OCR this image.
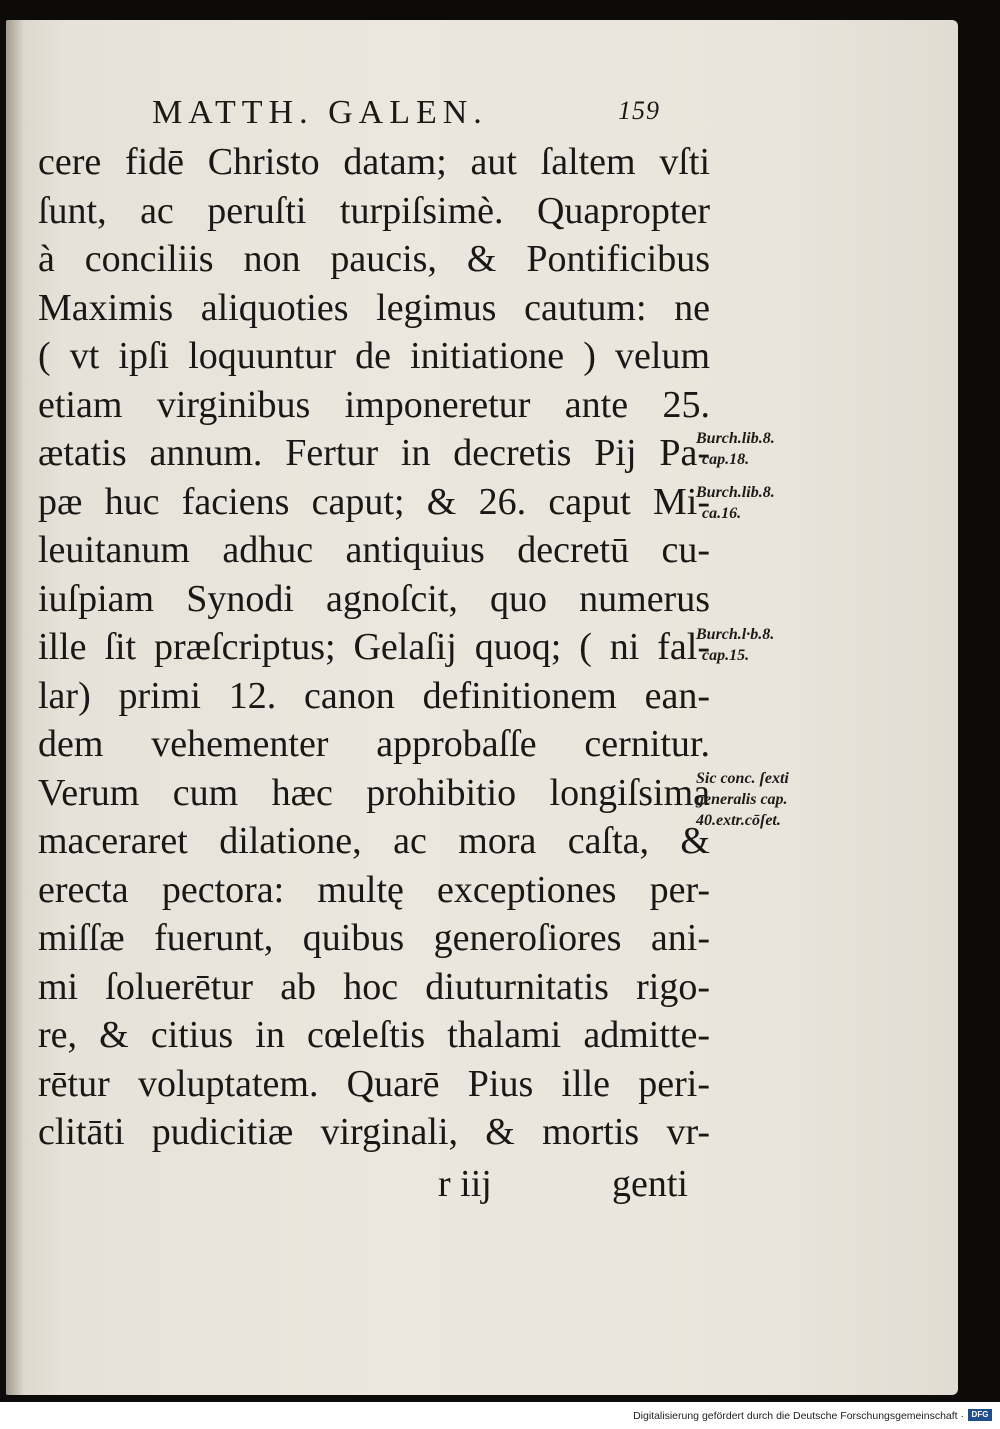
MATTH. GALEN.	159
cere fidē Christo datam; aut ſaltem vſti
ſunt, ac peruſti turpiſsimè. Quapropter
à conciliis non paucis, & Pontificibus
Maximis aliquoties legimus cautum: ne
( vt ipſi loquuntur de initiatione ) velum
etiam virginibus imponeretur ante 25.
ætatis annum. Fertur in decretis Pij Pa-
pæ huc faciens caput; & 26. caput Mi-
leuitanum adhuc antiquius decretū cu-
iuſpiam Synodi agnoſcit, quo numerus
ille ſit præſcriptus; Gelaſij quoq; ( ni fal-
lar) primi 12. canon definitionem ean-
dem vehementer approbaſſe cernitur.
Verum cum hæc prohibitio longiſsima
maceraret dilatione, ac mora caſta, &
erecta pectora: multę exceptiones per-
miſſæ fuerunt, quibus generoſiores ani-
mi ſoluerētur ab hoc diuturnitatis rigo-
re, & citius in cœleſtis thalami admitte-
rētur voluptatem. Quarē Pius ille peri-
clitāti pudicitiæ virginali, & mortis vr-
Burch.lib.8.
cap.18.
Burch.lib.8.
ca.16.
Burch.l·b.8.
cap.15.
Sic conc. ſexti
generalis cap.
40.extr.cōſet.
r iij	genti
Digitalisierung gefördert durch die Deutsche Forschungsgemeinschaft · DFG
